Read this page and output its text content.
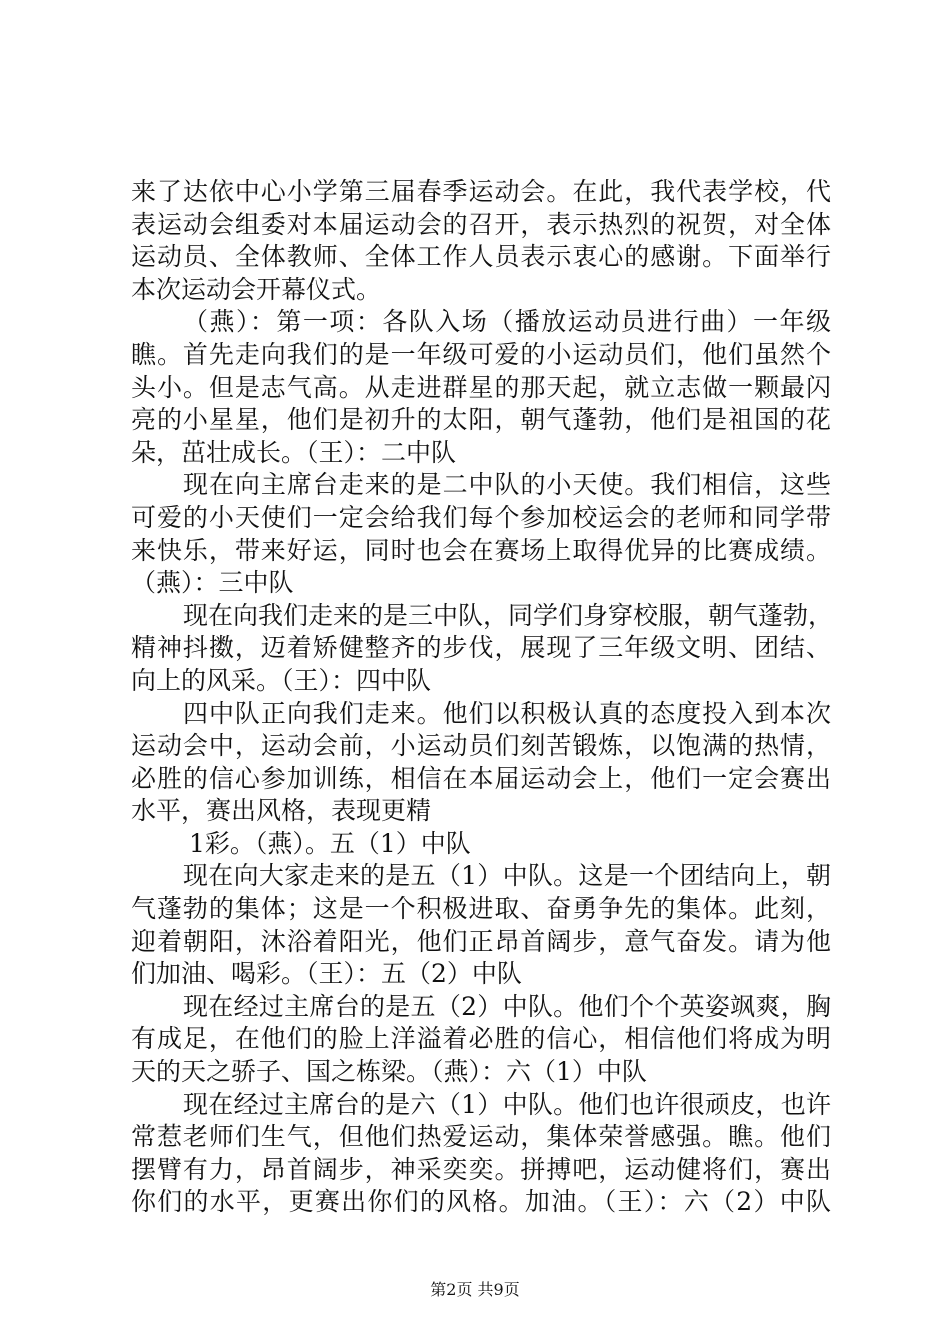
来了达依中心小学第三届春季运动会。在此，我代表学校，代
表运动会组委对本届运动会的召开，表示热烈的祝贺，对全体
运动员、全体教师、全体工作人员表示衷心的感谢。下面举行
本次运动会开幕仪式。
（燕）：第一项：各队入场（播放运动员进行曲）一年级
瞧。首先走向我们的是一年级可爱的小运动员们，他们虽然个
头小。但是志气高。从走进群星的那天起，就立志做一颗最闪
亮的小星星，他们是初升的太阳，朝气蓬勃，他们是祖国的花
朵，茁壮成长。（王）：二中队
现在向主席台走来的是二中队的小天使。我们相信，这些
可爱的小天使们一定会给我们每个参加校运会的老师和同学带
来快乐，带来好运，同时也会在赛场上取得优异的比赛成绩。
（燕）：三中队
现在向我们走来的是三中队，同学们身穿校服，朝气蓬勃，
精神抖擞，迈着矫健整齐的步伐，展现了三年级文明、团结、
向上的风采。（王）：四中队
四中队正向我们走来。他们以积极认真的态度投入到本次
运动会中，运动会前，小运动员们刻苦锻炼，以饱满的热情，
必胜的信心参加训练，相信在本届运动会上，他们一定会赛出
水平，赛出风格，表现更精
1彩。（燕）。五（1）中队
现在向大家走来的是五（1）中队。这是一个团结向上，朝
气蓬勃的集体；这是一个积极进取、奋勇争先的集体。此刻，
迎着朝阳，沐浴着阳光，他们正昂首阔步，意气奋发。请为他
们加油、喝彩。（王）：五（2）中队
现在经过主席台的是五（2）中队。他们个个英姿飒爽，胸
有成足，在他们的脸上洋溢着必胜的信心，相信他们将成为明
天的天之骄子、国之栋梁。（燕）：六（1）中队
现在经过主席台的是六（1）中队。他们也许很顽皮，也许
常惹老师们生气，但他们热爱运动，集体荣誉感强。瞧。他们
摆臂有力，昂首阔步，神采奕奕。拼搏吧，运动健将们，赛出
你们的水平，更赛出你们的风格。加油。（王）：六（2）中队
第2页 共9页
